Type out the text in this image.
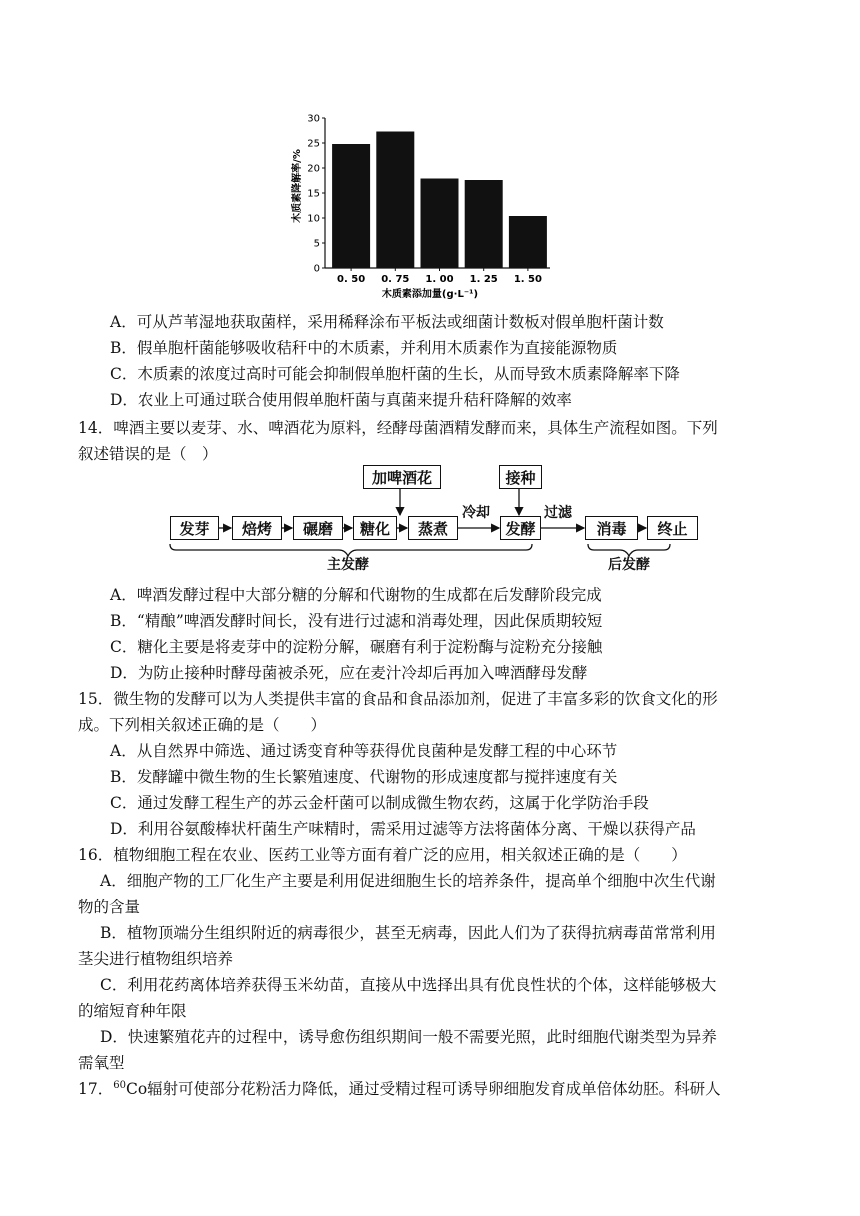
0
5
10
15
20
25
30
0. 50 0. 75 1. 00 1. 25 1. 50
木质素添加量(g·L⁻¹)
木质素降解率/%
A．可从芦苇湿地获取菌样，采用稀释涂布平板法或细菌计数板对假单胞杆菌计数
B．假单胞杆菌能够吸收秸秆中的木质素，并利用木质素作为直接能源物质
C．木质素的浓度过高时可能会抑制假单胞杆菌的生长，从而导致木质素降解率下降
D．农业上可通过联合使用假单胞杆菌与真菌来提升秸秆降解的效率
14．啤酒主要以麦芽、水、啤酒花为原料，经酵母菌酒精发酵而来，具体生产流程如图。下列
叙述错误的是（　）
发芽	焙烤	碾磨	糖化	蒸煮	发酵	消毒	终止
加啤酒花	接种
冷却	过滤
主发酵	后发酵
A．啤酒发酵过程中大部分糖的分解和代谢物的生成都在后发酵阶段完成
B．“精酿”啤酒发酵时间长，没有进行过滤和消毒处理，因此保质期较短
C．糖化主要是将麦芽中的淀粉分解，碾磨有利于淀粉酶与淀粉充分接触
D．为防止接种时酵母菌被杀死，应在麦汁冷却后再加入啤酒酵母发酵
15．微生物的发酵可以为人类提供丰富的食品和食品添加剂，促进了丰富多彩的饮食文化的形
成。下列相关叙述正确的是（　　）
A．从自然界中筛选、通过诱变育种等获得优良菌种是发酵工程的中心环节
B．发酵罐中微生物的生长繁殖速度、代谢物的形成速度都与搅拌速度有关
C．通过发酵工程生产的苏云金杆菌可以制成微生物农药，这属于化学防治手段
D．利用谷氨酸棒状杆菌生产味精时，需采用过滤等方法将菌体分离、干燥以获得产品
16．植物细胞工程在农业、医药工业等方面有着广泛的应用，相关叙述正确的是（　　）
A．细胞产物的工厂化生产主要是利用促进细胞生长的培养条件，提高单个细胞中次生代谢
物的含量
B．植物顶端分生组织附近的病毒很少，甚至无病毒，因此人们为了获得抗病毒苗常常利用
茎尖进行植物组织培养
C．利用花药离体培养获得玉米幼苗，直接从中选择出具有优良性状的个体，这样能够极大
的缩短育种年限
D．快速繁殖花卉的过程中，诱导愈伤组织期间一般不需要光照，此时细胞代谢类型为异养
需氧型
17．$^{60}$Co辐射可使部分花粉活力降低，通过受精过程可诱导卵细胞发育成单倍体幼胚。科研人
